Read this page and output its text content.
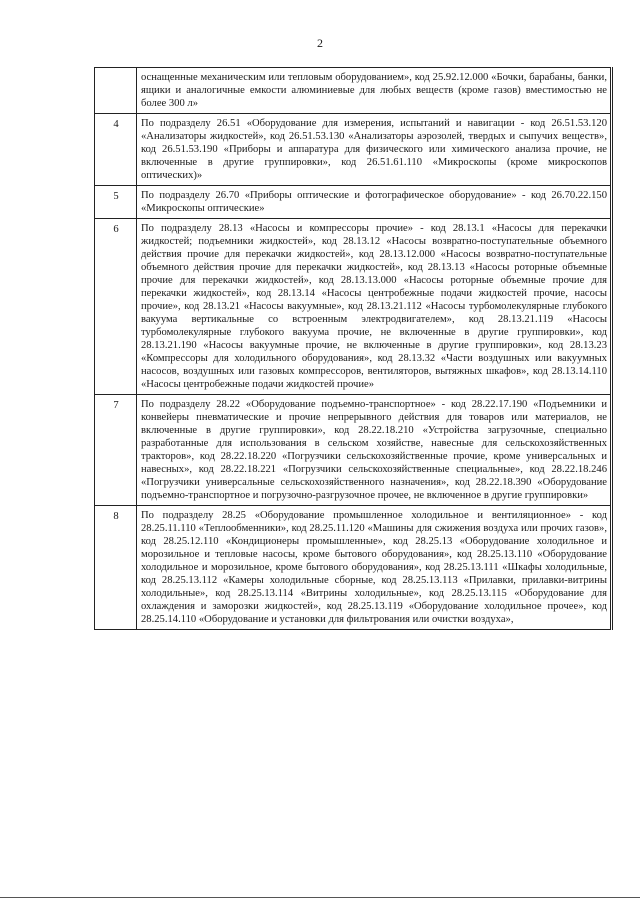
2
	оснащенные механическим или тепловым оборудованием», код 25.92.12.000 «Бочки, барабаны, банки, ящики и аналогичные емкости алюминиевые для любых веществ (кроме газов) вместимостью не более 300 л»
4	По подразделу 26.51 «Оборудование для измерения, испытаний и навигации - код 26.51.53.120 «Анализаторы жидкостей», код 26.51.53.130 «Анализаторы аэрозолей, твердых и сыпучих веществ», код 26.51.53.190 «Приборы и аппаратура для физического или химического анализа прочие, не включенные в другие группировки», код 26.51.61.110 «Микроскопы (кроме микроскопов оптических)»
5	По подразделу 26.70 «Приборы оптические и фотографическое оборудование» - код 26.70.22.150 «Микроскопы оптические»
6	По подразделу 28.13 «Насосы и компрессоры прочие» - код 28.13.1 «Насосы для перекачки жидкостей; подъемники жидкостей», код 28.13.12 «Насосы возвратно-поступательные объемного действия прочие для перекачки жидкостей», код 28.13.12.000 «Насосы возвратно-поступательные объемного действия прочие для перекачки жидкостей», код 28.13.13 «Насосы роторные объемные прочие для перекачки жидкостей», код 28.13.13.000 «Насосы роторные объемные прочие для перекачки жидкостей», код 28.13.14 «Насосы центробежные подачи жидкостей прочие, насосы прочие», код 28.13.21 «Насосы вакуумные», код 28.13.21.112 «Насосы турбомолекулярные глубокого вакуума вертикальные со встроенным электродвигателем», код 28.13.21.119 «Насосы турбомолекулярные глубокого вакуума прочие, не включенные в другие группировки», код 28.13.21.190 «Насосы вакуумные прочие, не включенные в другие группировки», код 28.13.23 «Компрессоры для холодильного оборудования», код 28.13.32 «Части воздушных или вакуумных насосов, воздушных или газовых компрессоров, вентиляторов, вытяжных шкафов», код 28.13.14.110 «Насосы центробежные подачи жидкостей прочие»
7	По подразделу 28.22 «Оборудование подъемно-транспортное» - код 28.22.17.190 «Подъемники и конвейеры пневматические и прочие непрерывного действия для товаров или материалов, не включенные в другие группировки», код 28.22.18.210 «Устройства загрузочные, специально разработанные для использования в сельском хозяйстве, навесные для сельскохозяйственных тракторов», код 28.22.18.220 «Погрузчики сельскохозяйственные прочие, кроме универсальных и навесных», код 28.22.18.221 «Погрузчики сельскохозяйственные специальные», код 28.22.18.246 «Погрузчики универсальные сельскохозяйственного назначения», код 28.22.18.390 «Оборудование подъемно-транспортное и погрузочно-разгрузочное прочее, не включенное в другие группировки»
8	По подразделу 28.25 «Оборудование промышленное холодильное и вентиляционное» - код 28.25.11.110 «Теплообменники», код 28.25.11.120 «Машины для сжижения воздуха или прочих газов», код 28.25.12.110 «Кондиционеры промышленные», код 28.25.13 «Оборудование холодильное и морозильное и тепловые насосы, кроме бытового оборудования», код 28.25.13.110 «Оборудование холодильное и морозильное, кроме бытового оборудования», код 28.25.13.111 «Шкафы холодильные, код 28.25.13.112 «Камеры холодильные сборные, код 28.25.13.113 «Прилавки, прилавки-витрины холодильные», код 28.25.13.114 «Витрины холодильные», код 28.25.13.115 «Оборудование для охлаждения и заморозки жидкостей», код 28.25.13.119 «Оборудование холодильное прочее», код 28.25.14.110 «Оборудование и установки для фильтрования или очистки воздуха»,
